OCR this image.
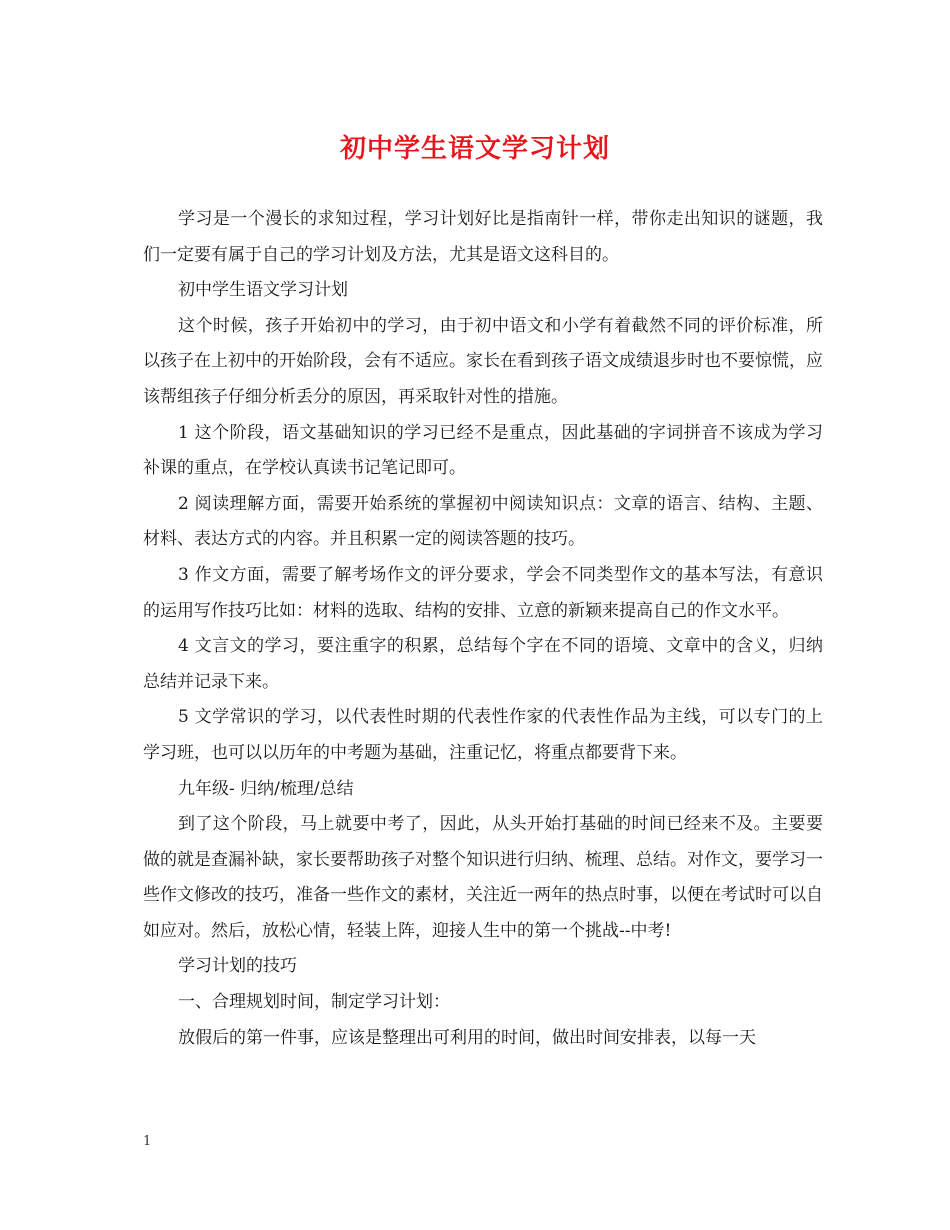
初中学生语文学习计划

学习是一个漫长的求知过程，学习计划好比是指南针一样，带你走出知识的谜题，我们一定要有属于自己的学习计划及方法，尤其是语文这科目的。

初中学生语文学习计划

这个时候，孩子开始初中的学习，由于初中语文和小学有着截然不同的评价标准，所以孩子在上初中的开始阶段，会有不适应。家长在看到孩子语文成绩退步时也不要惊慌，应该帮组孩子仔细分析丢分的原因，再采取针对性的措施。

1 这个阶段，语文基础知识的学习已经不是重点，因此基础的字词拼音不该成为学习补课的重点，在学校认真读书记笔记即可。

2 阅读理解方面，需要开始系统的掌握初中阅读知识点：文章的语言、结构、主题、材料、表达方式的内容。并且积累一定的阅读答题的技巧。

3 作文方面，需要了解考场作文的评分要求，学会不同类型作文的基本写法，有意识的运用写作技巧比如：材料的选取、结构的安排、立意的新颖来提高自己的作文水平。

4 文言文的学习，要注重字的积累，总结每个字在不同的语境、文章中的含义，归纳总结并记录下来。

5 文学常识的学习，以代表性时期的代表性作家的代表性作品为主线，可以专门的上学习班，也可以以历年的中考题为基础，注重记忆，将重点都要背下来。

九年级- 归纳/梳理/总结

到了这个阶段，马上就要中考了，因此，从头开始打基础的时间已经来不及。主要要做的就是查漏补缺，家长要帮助孩子对整个知识进行归纳、梳理、总结。对作文，要学习一些作文修改的技巧，准备一些作文的素材，关注近一两年的热点时事，以便在考试时可以自如应对。然后，放松心情，轻装上阵，迎接人生中的第一个挑战--中考!

学习计划的技巧

一、合理规划时间，制定学习计划：

放假后的第一件事，应该是整理出可利用的时间，做出时间安排表，以每一天

1
